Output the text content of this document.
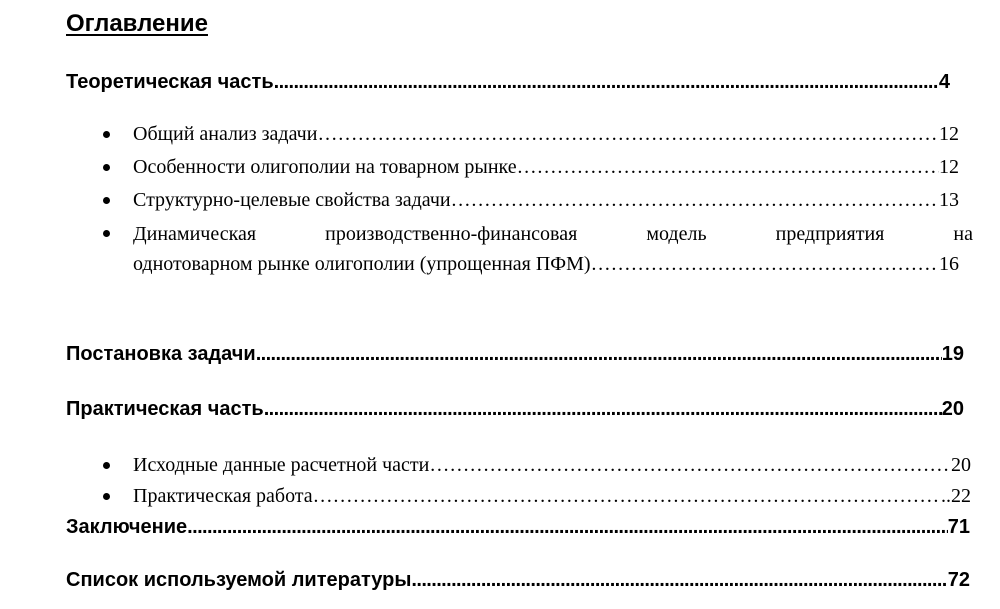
Оглавление
Теоретическая часть .....	4
Общий анализ задачи …………………………………………………………………………………………………………………………………………………………………………………………	12
Особенности олигополии на товарном рынке …………………………………………………………………………………………………………………………………………………………………………………………	12
Структурно-целевые свойства задачи …………………………………………………………………………………………………………………………………………………………………………………………	13
Динамическая	производственно-финансовая	модель	предприятия	на
однотоварном рынке олигополии (упрощенная ПФМ) …………………………………………………………………………………………………………………………………………………………………………………………	16
Постановка задачи .....	19
Практическая часть .....	20
Исходные данные расчетной части …………………………………………………………………………………………………………………………………………………………………………………………	20
Практическая работа …………………………………………………………………………………………………………………………………………………………………………………………	..22
Заключение .....	71
Список используемой литературы .....	72
